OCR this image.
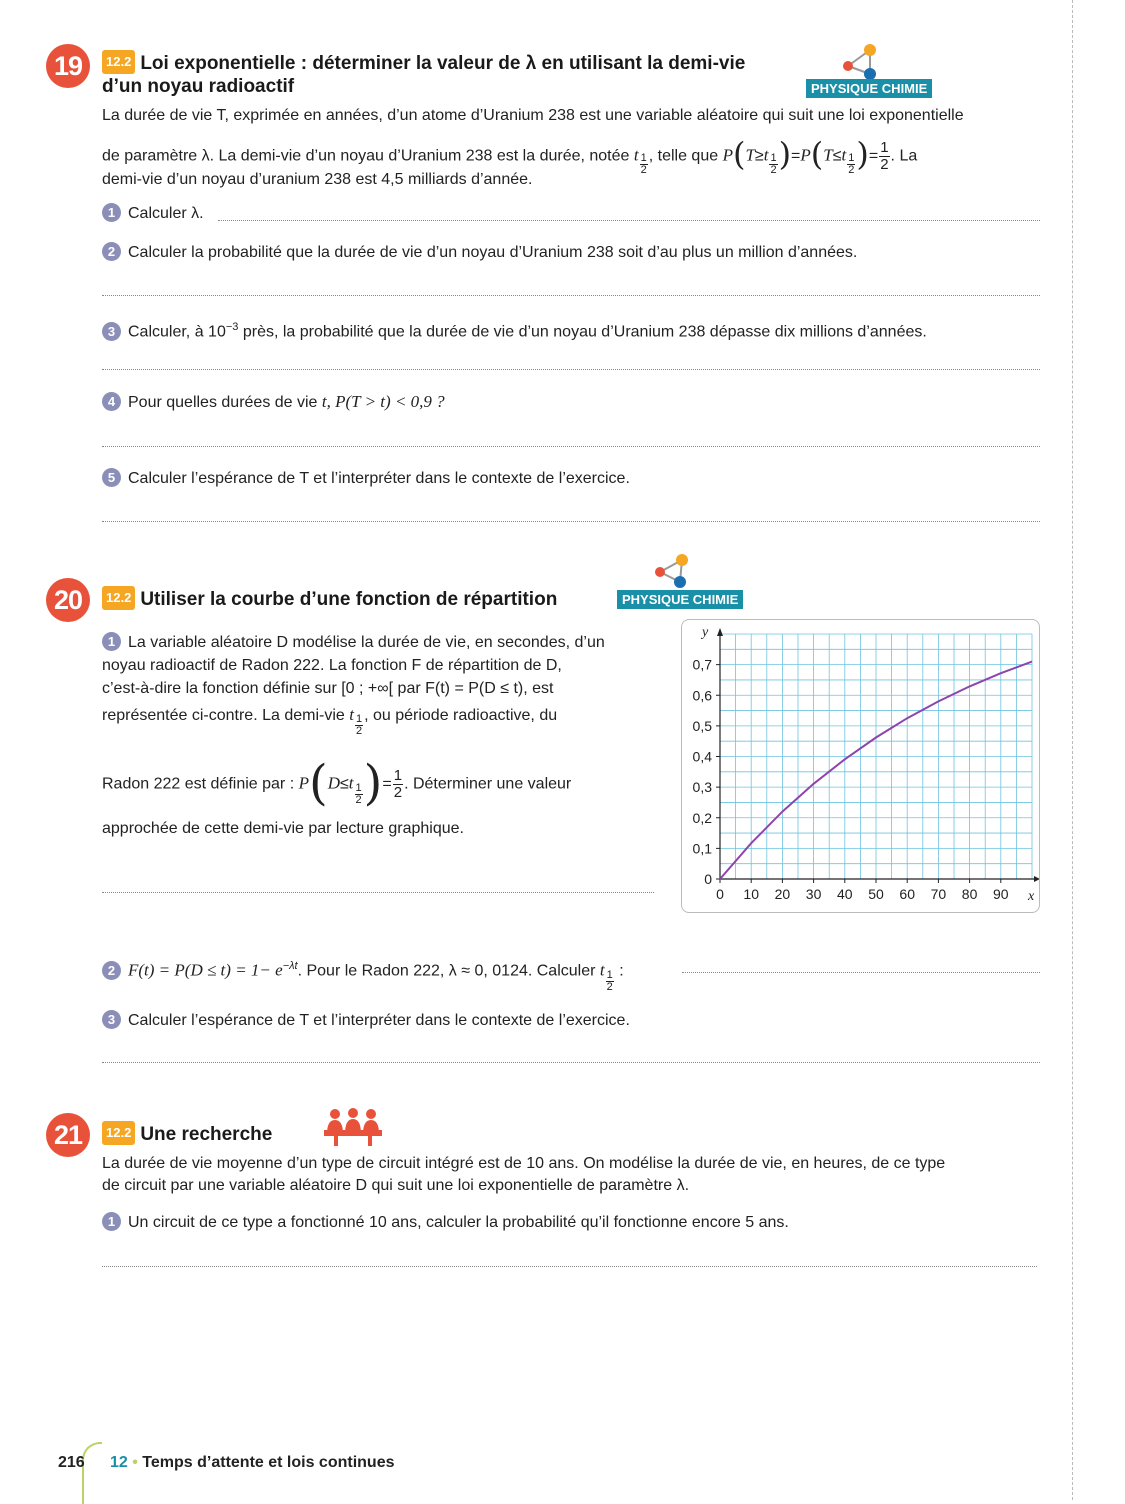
19	12.2 Loi exponentielle : déterminer la valeur de λ en utilisant la demi-vie
d’un noyau radioactif	PHYSIQUE CHIMIE
La durée de vie T, exprimée en années, d’un atome d’Uranium 238 est une variable aléatoire qui suit une loi exponentielle
de paramètre λ. La demi-vie d’un noyau d’Uranium 238 est la durée, notée t $\frac{1}{2}$ , telle que $P(T\ge t \frac{1}{2} )=P(T\le t \frac{1}{2}$ )= $\frac{1}{2}$ . La
demi-vie d’un noyau d’uranium 238 est 4,5 milliards d’année.
1 Calculer λ.
2 Calculer la probabilité que la durée de vie d’un noyau d’Uranium 238 soit d’au plus un million d’années.
3 Calculer, à $10^{-3}$ près, la probabilité que la durée de vie d’un noyau d’Uranium 238 dépasse dix millions d’années.
4 Pour quelles durées de vie t, P(T > t) < 0,9 ?
5 Calculer l’espérance de T et l’interpréter dans le contexte de l’exercice.
20	12.2 Utiliser la courbe d’une fonction de répartition	PHYSIQUE CHIMIE
1 La variable aléatoire D modélise la durée de vie, en secondes, d’un
noyau radioactif de Radon 222. La fonction F de répartition de D,
c’est-à-dire la fonction définie sur [0 ; +∞[ par F(t) = P(D ≤ t), est
représentée ci-contre. La demi-vie t $\frac{1}{2}$ , ou période radioactive, du
Radon 222 est définie par : $P(D\le t \frac{1}{2}$ )= $\frac{1}{2}$ . Déterminer une valeur
approchée de cette demi-vie par lecture graphique.
0 10 20 30 40 50 60 70 80 90
0
0,1
0,2
0,3
0,4
0,5
0,6
0,7
x
y
2 $F(t) = P(D \le t) = 1- e^{-\lambda t}$. Pour le Radon 222, λ ≈ 0, 0124. Calculer t $\frac{1}{2}$ :
3 Calculer l’espérance de T et l’interpréter dans le contexte de l’exercice.
21	12.2 Une recherche
La durée de vie moyenne d’un type de circuit intégré est de 10 ans. On modélise la durée de vie, en heures, de ce type
de circuit par une variable aléatoire D qui suit une loi exponentielle de paramètre λ.
1 Un circuit de ce type a fonctionné 10 ans, calculer la probabilité qu’il fonctionne encore 5 ans.
216 12 • Temps d’attente et lois continues
